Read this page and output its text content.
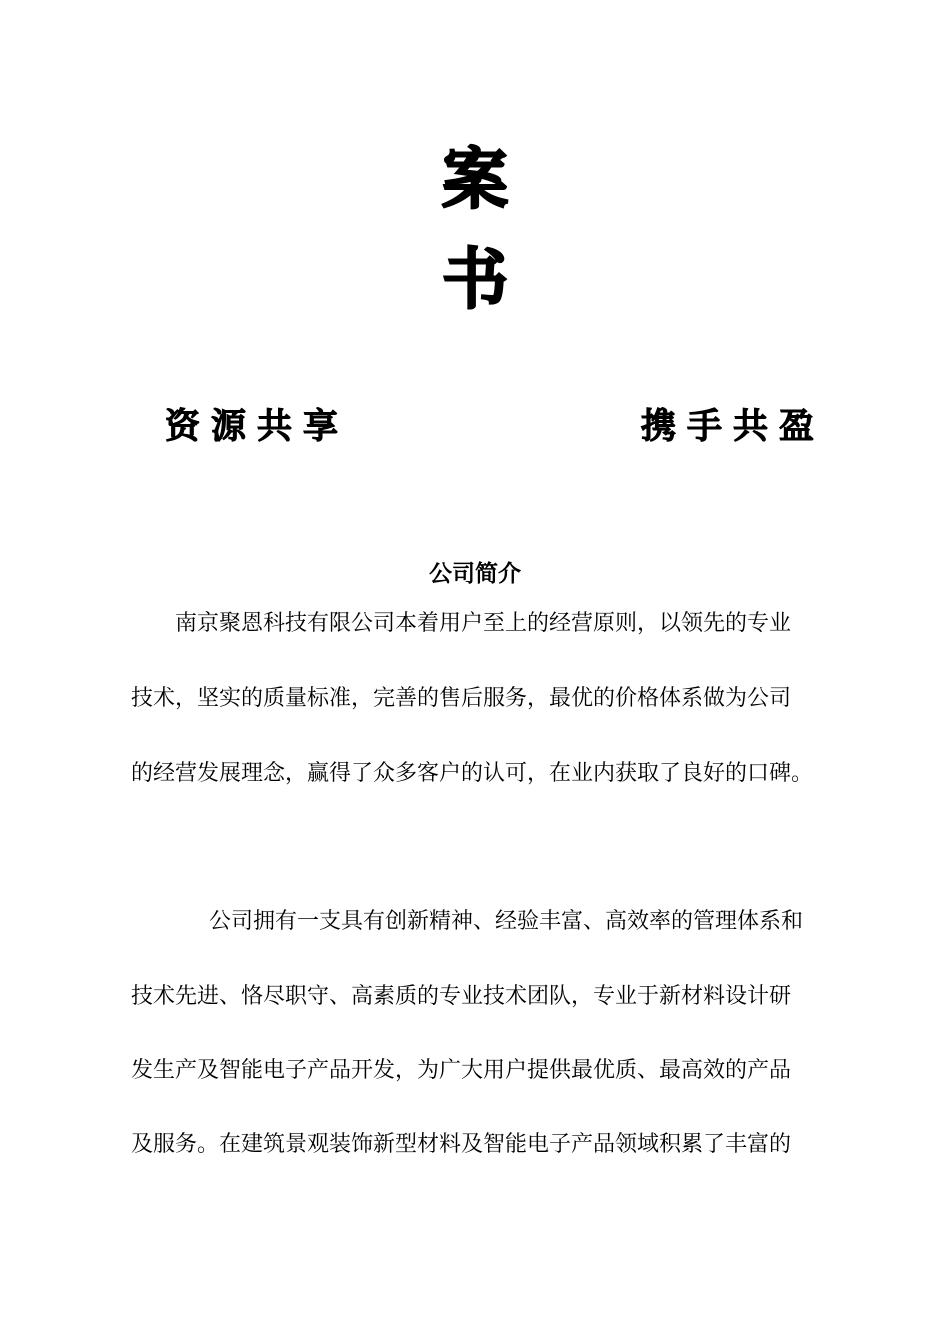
案
书
资源共享	携手共盈
公司简介
南京聚恩科技有限公司本着用户至上的经营原则，以领先的专业
技术，坚实的质量标准，完善的售后服务，最优的价格体系做为公司
的经营发展理念，赢得了众多客户的认可，在业内获取了良好的口碑。
公司拥有一支具有创新精神、经验丰富、高效率的管理体系和
技术先进、恪尽职守、高素质的专业技术团队，专业于新材料设计研
发生产及智能电子产品开发，为广大用户提供最优质、最高效的产品
及服务。在建筑景观装饰新型材料及智能电子产品领域积累了丰富的
